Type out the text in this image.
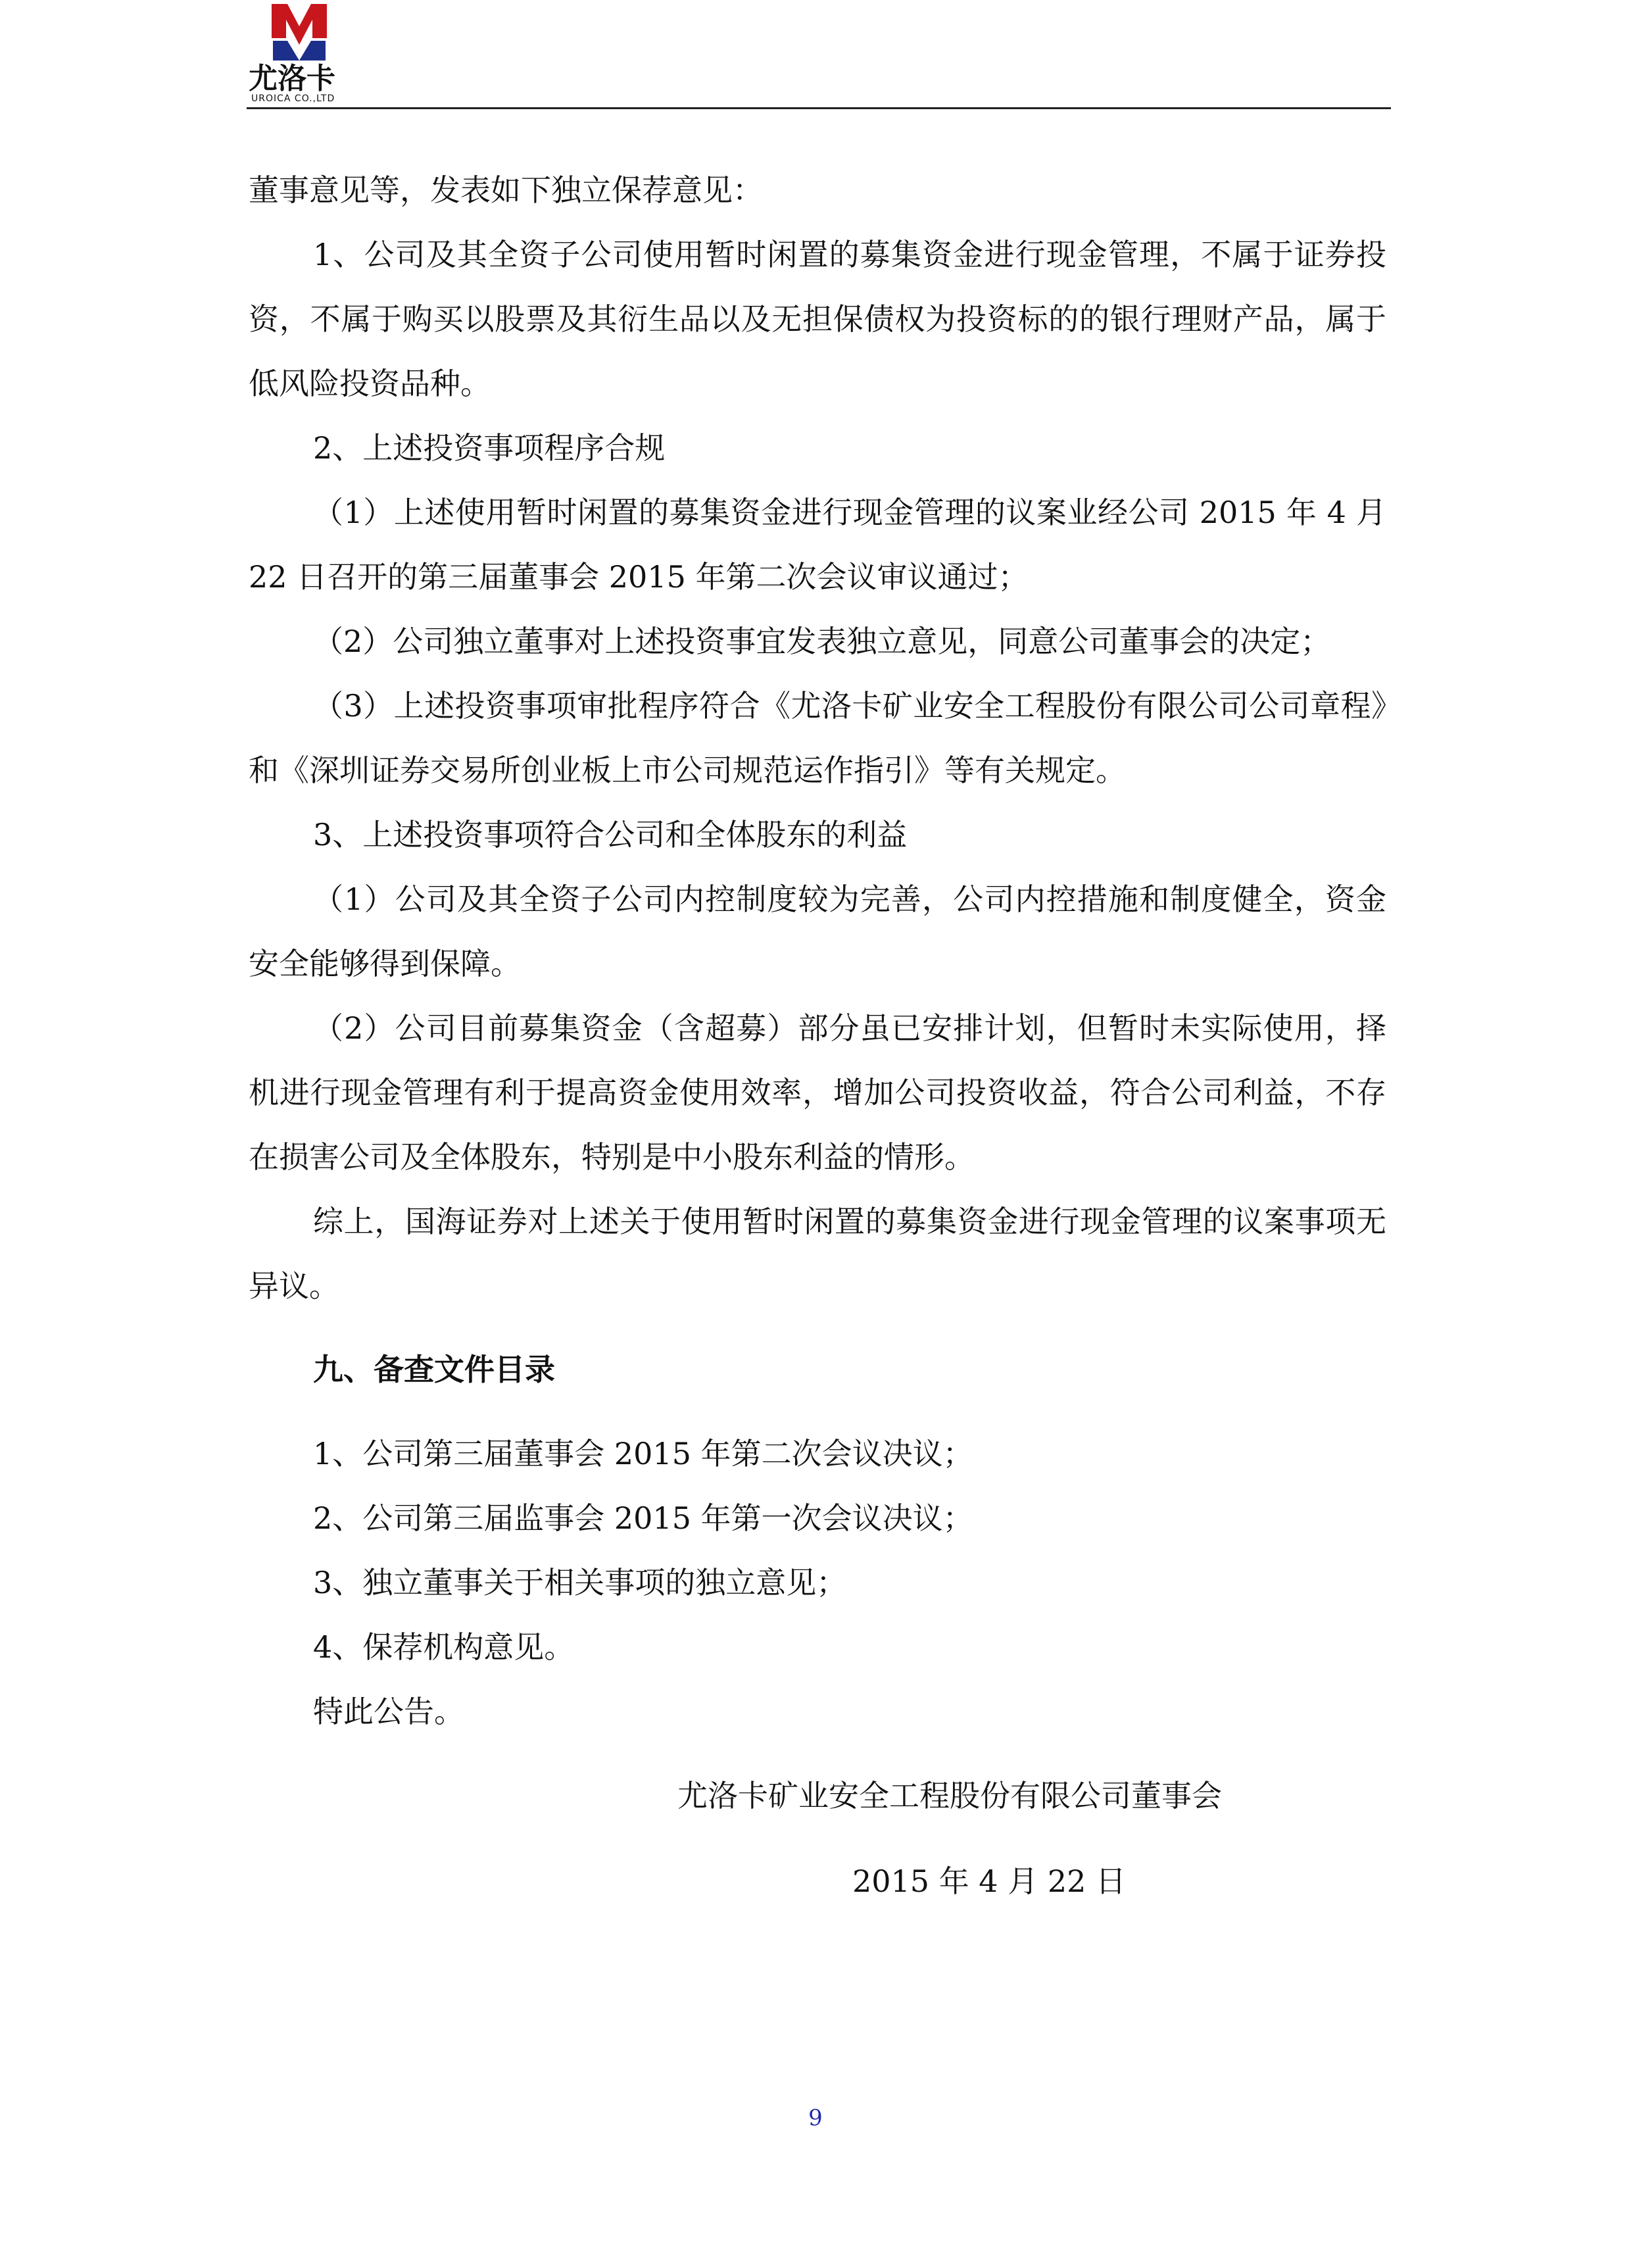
尤洛卡
UROICA CO.,LTD

董事意见等，发表如下独立保荐意见：

1、公司及其全资子公司使用暂时闲置的募集资金进行现金管理，不属于证券投资，不属于购买以股票及其衍生品以及无担保债权为投资标的的银行理财产品，属于低风险投资品种。

2、上述投资事项程序合规

（1）上述使用暂时闲置的募集资金进行现金管理的议案业经公司 2015 年 4 月 22 日召开的第三届董事会 2015 年第二次会议审议通过；

（2）公司独立董事对上述投资事宜发表独立意见，同意公司董事会的决定；

（3）上述投资事项审批程序符合《尤洛卡矿业安全工程股份有限公司公司章程》和《深圳证券交易所创业板上市公司规范运作指引》等有关规定。

3、上述投资事项符合公司和全体股东的利益

（1）公司及其全资子公司内控制度较为完善，公司内控措施和制度健全，资金安全能够得到保障。

（2）公司目前募集资金（含超募）部分虽已安排计划，但暂时未实际使用，择机进行现金管理有利于提高资金使用效率，增加公司投资收益，符合公司利益，不存在损害公司及全体股东，特别是中小股东利益的情形。

综上，国海证券对上述关于使用暂时闲置的募集资金进行现金管理的议案事项无异议。

九、备查文件目录

1、公司第三届董事会 2015 年第二次会议决议；

2、公司第三届监事会 2015 年第一次会议决议；

3、独立董事关于相关事项的独立意见；

4、保荐机构意见。

特此公告。

尤洛卡矿业安全工程股份有限公司董事会

2015 年 4 月 22 日

9
